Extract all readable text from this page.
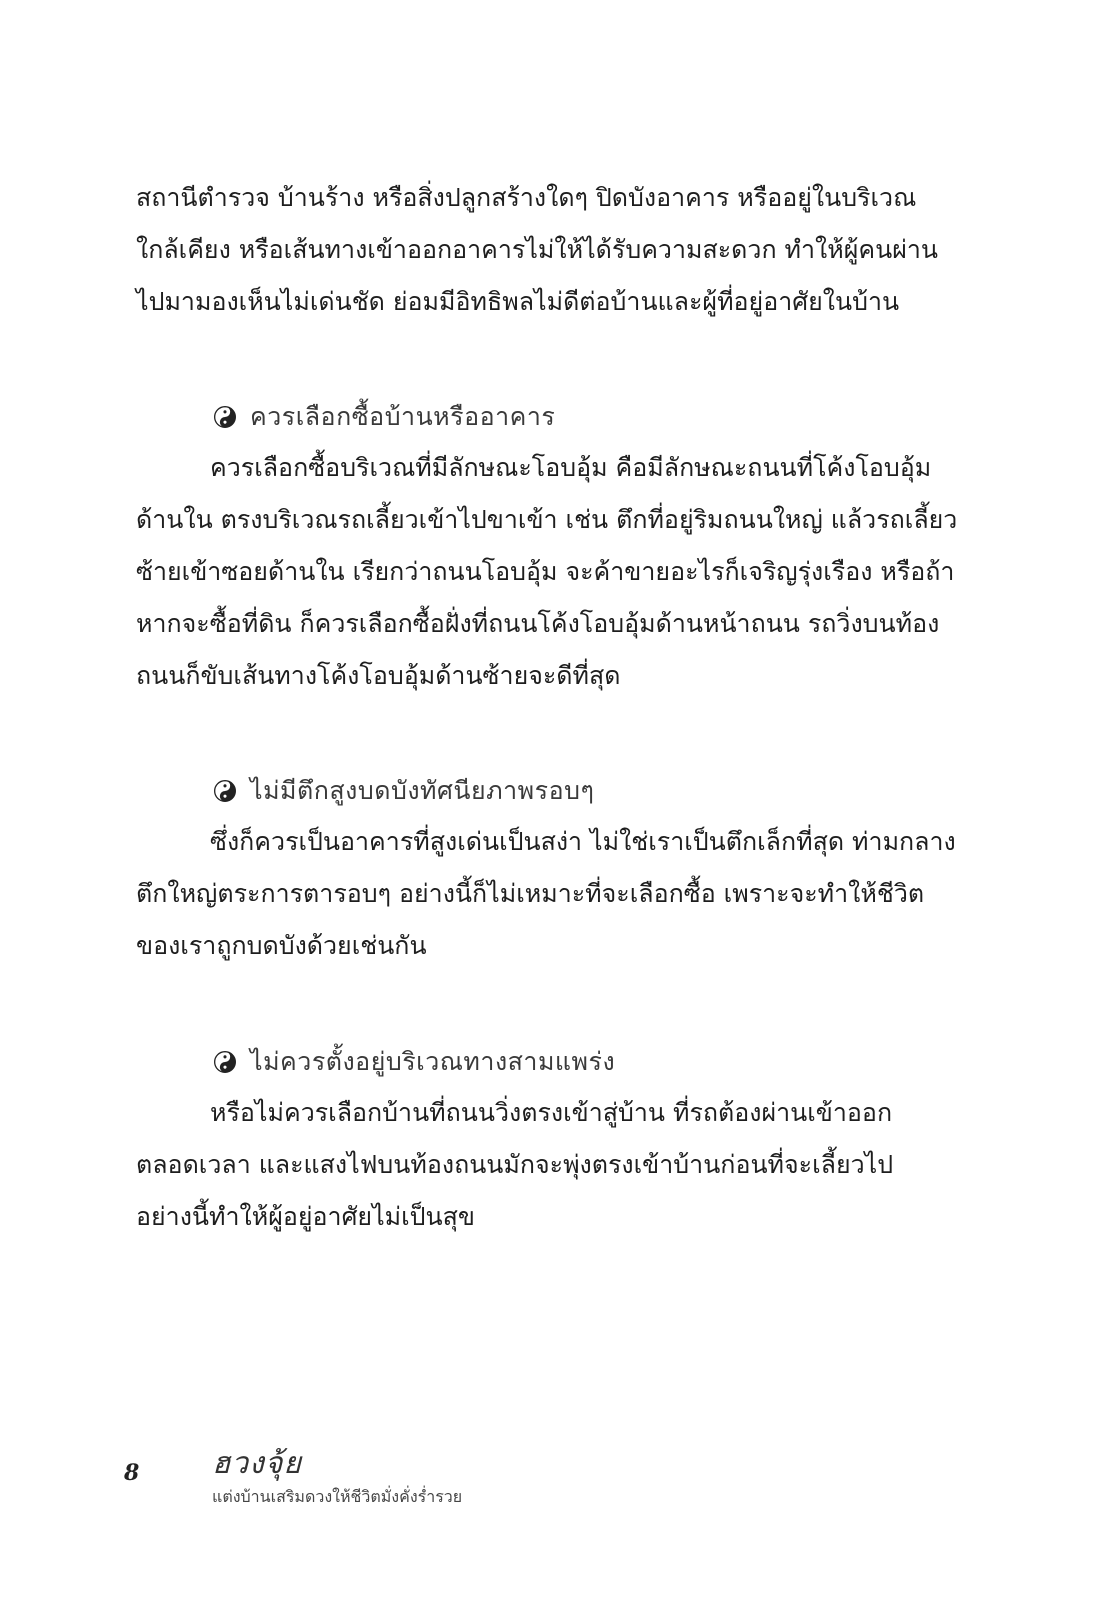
สถานีตำรวจ บ้านร้าง หรือสิ่งปลูกสร้างใดๆ ปิดบังอาคาร หรืออยู่ในบริเวณ
ใกล้เคียง หรือเส้นทางเข้าออกอาคารไม่ให้ได้รับความสะดวก ทำให้ผู้คนผ่าน
ไปมามองเห็นไม่เด่นชัด ย่อมมีอิทธิพลไม่ดีต่อบ้านและผู้ที่อยู่อาศัยในบ้าน
ควรเลือกซื้อบ้านหรืออาคาร
ควรเลือกซื้อบริเวณที่มีลักษณะโอบอุ้ม คือมีลักษณะถนนที่โค้งโอบอุ้ม
ด้านใน ตรงบริเวณรถเลี้ยวเข้าไปขาเข้า เช่น ตึกที่อยู่ริมถนนใหญ่ แล้วรถเลี้ยว
ซ้ายเข้าซอยด้านใน เรียกว่าถนนโอบอุ้ม จะค้าขายอะไรก็เจริญรุ่งเรือง หรือถ้า
หากจะซื้อที่ดิน ก็ควรเลือกซื้อฝั่งที่ถนนโค้งโอบอุ้มด้านหน้าถนน รถวิ่งบนท้อง
ถนนก็ขับเส้นทางโค้งโอบอุ้มด้านซ้ายจะดีที่สุด
ไม่มีตึกสูงบดบังทัศนียภาพรอบๆ
ซึ่งก็ควรเป็นอาคารที่สูงเด่นเป็นสง่า ไม่ใช่เราเป็นตึกเล็กที่สุด ท่ามกลาง
ตึกใหญ่ตระการตารอบๆ อย่างนี้ก็ไม่เหมาะที่จะเลือกซื้อ เพราะจะทำให้ชีวิต
ของเราถูกบดบังด้วยเช่นกัน
ไม่ควรตั้งอยู่บริเวณทางสามแพร่ง
หรือไม่ควรเลือกบ้านที่ถนนวิ่งตรงเข้าสู่บ้าน ที่รถต้องผ่านเข้าออก
ตลอดเวลา และแสงไฟบนท้องถนนมักจะพุ่งตรงเข้าบ้านก่อนที่จะเลี้ยวไป
อย่างนี้ทำให้ผู้อยู่อาศัยไม่เป็นสุข
8 ฮวงจุ้ย
แต่งบ้านเสริมดวงให้ชีวิตมั่งคั่งร่ำรวย
